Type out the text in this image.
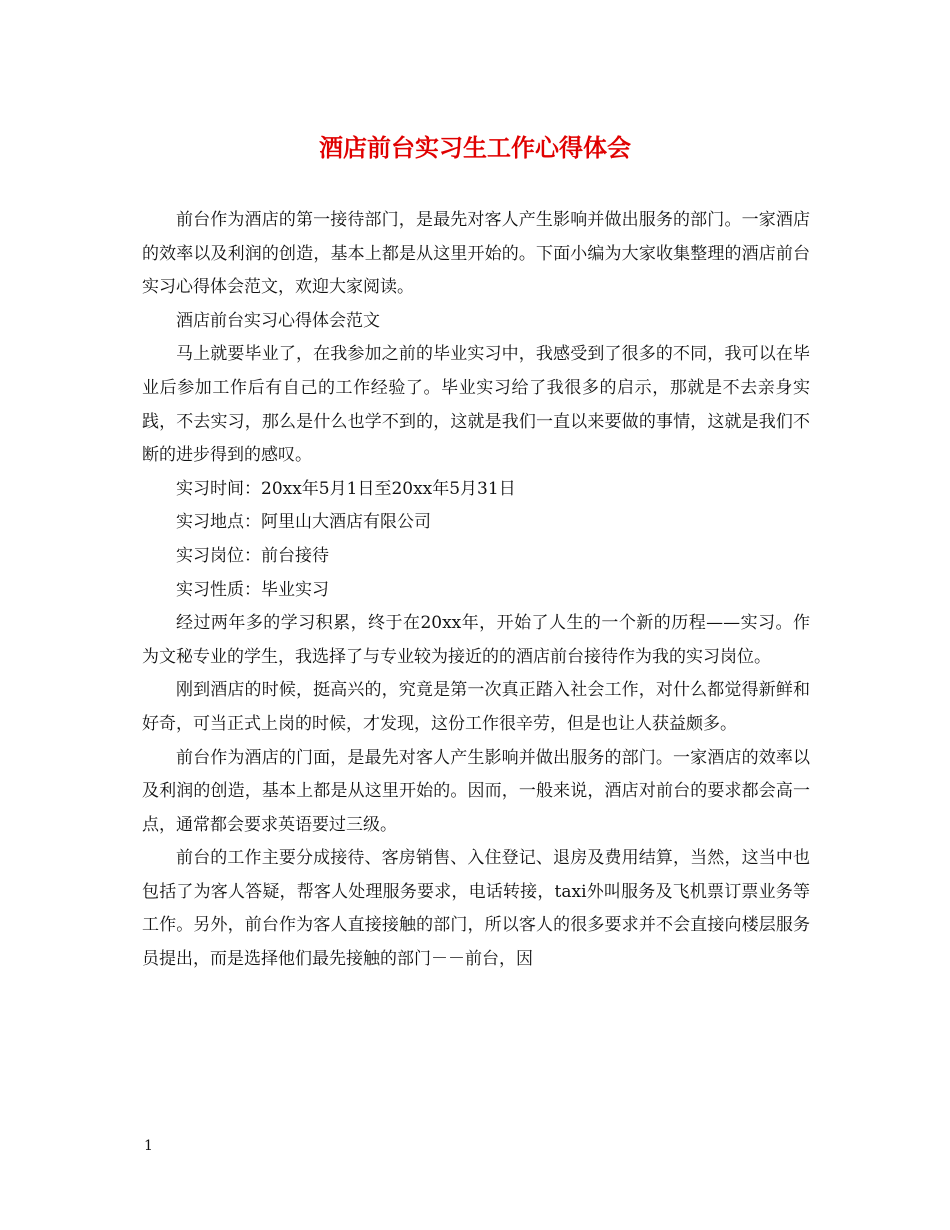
酒店前台实习生工作心得体会

前台作为酒店的第一接待部门，是最先对客人产生影响并做出服务的部门。一家酒店的效率以及利润的创造，基本上都是从这里开始的。下面小编为大家收集整理的酒店前台实习心得体会范文，欢迎大家阅读。

酒店前台实习心得体会范文

马上就要毕业了，在我参加之前的毕业实习中，我感受到了很多的不同，我可以在毕业后参加工作后有自己的工作经验了。毕业实习给了我很多的启示，那就是不去亲身实践，不去实习，那么是什么也学不到的，这就是我们一直以来要做的事情，这就是我们不断的进步得到的感叹。

实习时间：20xx年5月1日至20xx年5月31日

实习地点：阿里山大酒店有限公司

实习岗位：前台接待

实习性质：毕业实习

经过两年多的学习积累，终于在20xx年，开始了人生的一个新的历程——实习。作为文秘专业的学生，我选择了与专业较为接近的的酒店前台接待作为我的实习岗位。

刚到酒店的时候，挺高兴的，究竟是第一次真正踏入社会工作，对什么都觉得新鲜和好奇，可当正式上岗的时候，才发现，这份工作很辛劳，但是也让人获益颇多。

前台作为酒店的门面，是最先对客人产生影响并做出服务的部门。一家酒店的效率以及利润的创造，基本上都是从这里开始的。因而，一般来说，酒店对前台的要求都会高一点，通常都会要求英语要过三级。

前台的工作主要分成接待、客房销售、入住登记、退房及费用结算，当然，这当中也包括了为客人答疑，帮客人处理服务要求，电话转接，taxi外叫服务及飞机票订票业务等工作。另外，前台作为客人直接接触的部门，所以客人的很多要求并不会直接向楼层服务员提出，而是选择他们最先接触的部门－－前台，因

1
